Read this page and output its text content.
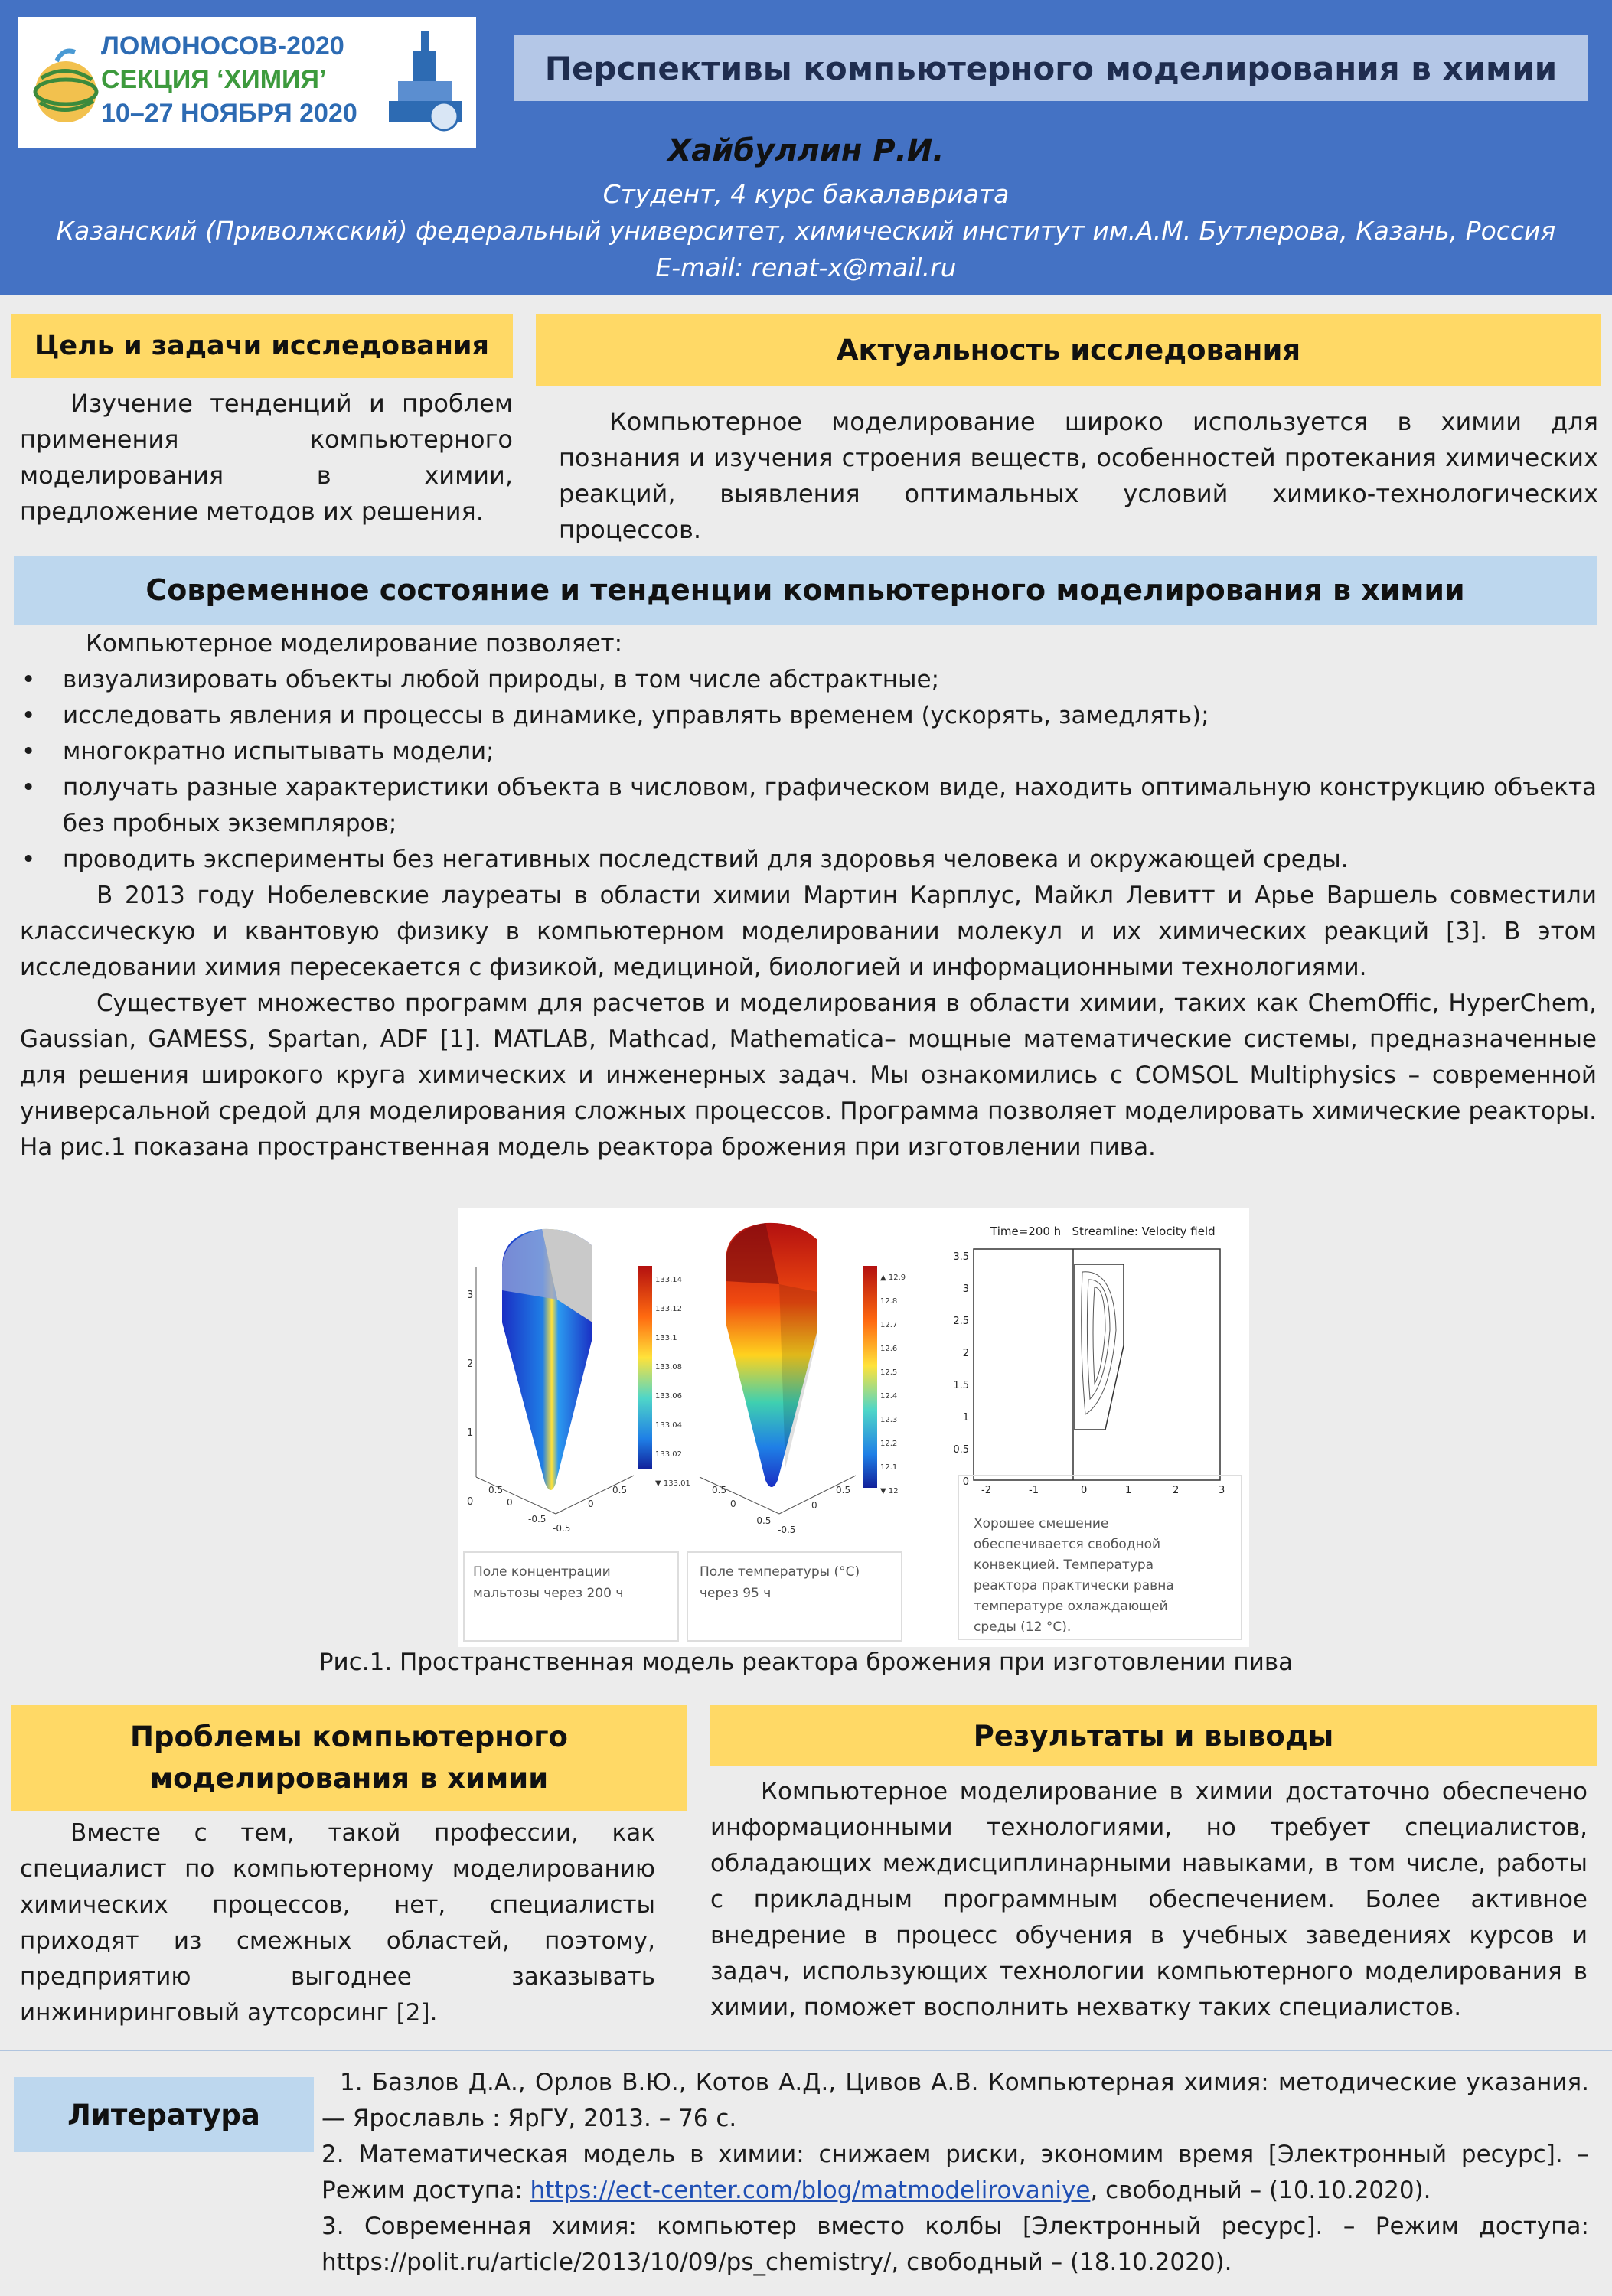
ЛОМОНОСОВ-2020
СЕКЦИЯ ‘ХИМИЯ’
10–27 НОЯБРЯ 2020
Перспективы компьютерного моделирования в химии
Хайбуллин Р.И.
Студент, 4 курс бакалавриата
Казанский (Приволжский) федеральный университет, химический институт им.А.М. Бутлерова, Казань, Россия
E-mail: renat-x@mail.ru
Цель и задачи исследования
Изучение тенденций и проблем применения компьютерного моделирования в химии, предложение методов их решения.
Актуальность исследования
Компьютерное моделирование широко используется в химии для познания и изучения строения веществ, особенностей протекания химических реакций, выявления оптимальных условий химико-технологических процессов.
Современное состояние и тенденции компьютерного моделирования в химии
Компьютерное моделирование позволяет:
• визуализировать объекты любой природы, в том числе абстрактные;
• исследовать явления и процессы в динамике, управлять временем (ускорять, замедлять);
• многократно испытывать модели;
• получать разные характеристики объекта в числовом, графическом виде, находить оптимальную конструкцию объекта без пробных экземпляров;
• проводить эксперименты без негативных последствий для здоровья человека и окружающей среды.
В 2013 году Нобелевские лауреаты в области химии Мартин Карплус, Майкл Левитт и Арье Варшель совместили классическую и квантовую физику в компьютерном моделировании молекул и их химических реакций [3]. В этом исследовании химия пересекается с физикой, медициной, биологией и информационными технологиями.
Существует множество программ для расчетов и моделирования в области химии, таких как ChemOffic, HyperChem, Gaussian, GAMESS, Spartan, ADF [1]. MATLAB, Mathcad, Mathematica– мощные математические системы, предназначенные для решения широкого круга химических и инженерных задач. Мы ознакомились с COMSOL Multiphysics – современной универсальной средой для моделирования сложных процессов. Программа позволяет моделировать химические реакторы. На рис.1 показана пространственная модель реактора брожения при изготовлении пива.
3
2
1
0
0.5
0
-0.5
0.5
0
-0.5
133.14
133.12
133.1
133.08
133.06
133.04
133.02
▼ 133.01
Поле концентрации
мальтозы через 200 ч
0.5
0
-0.5
0.5
0
-0.5
▲ 12.9
12.8
12.7
12.6
12.5
12.4
12.3
12.2
12.1
▼ 12
Поле температуры (°С)
через 95 ч
Time=200 h   Streamline: Velocity field
3.5
3
2.5
2
1.5
1
0.5
0
-2	-1	0	1	2	3
Хорошее смешение
обеспечивается свободной
конвекцией. Температура
реактора практически равна
температуре охлаждающей
среды (12 °С).
Рис.1. Пространственная модель реактора брожения при изготовлении пива
Проблемы компьютерного
моделирования в химии
Вместе с тем, такой профессии, как специалист по компьютерному моделированию химических процессов, нет, специалисты приходят из смежных областей, поэтому, предприятию выгоднее заказывать инжиниринговый аутсорсинг [2].
Результаты и выводы
Компьютерное моделирование в химии достаточно обеспечено информационными технологиями, но требует специалистов, обладающих междисциплинарными навыками, в том числе, работы с прикладным программным обеспечением. Более активное внедрение в процесс обучения в учебных заведениях курсов и задач, использующих технологии компьютерного моделирования в химии, поможет восполнить нехватку таких специалистов.
Литература
1. Базлов Д.А., Орлов В.Ю., Котов А.Д., Цивов А.В. Компьютерная химия: методические указания. — Ярославль : ЯрГУ, 2013. – 76 с.
2. Математическая модель в химии: снижаем риски, экономим время [Электронный ресурс]. – Режим доступа: https://ect-center.com/blog/matmodelirovaniye, свободный – (10.10.2020).
3. Современная химия: компьютер вместо колбы [Электронный ресурс]. – Режим доступа: https://polit.ru/article/2013/10/09/ps_chemistry/, свободный – (18.10.2020).
